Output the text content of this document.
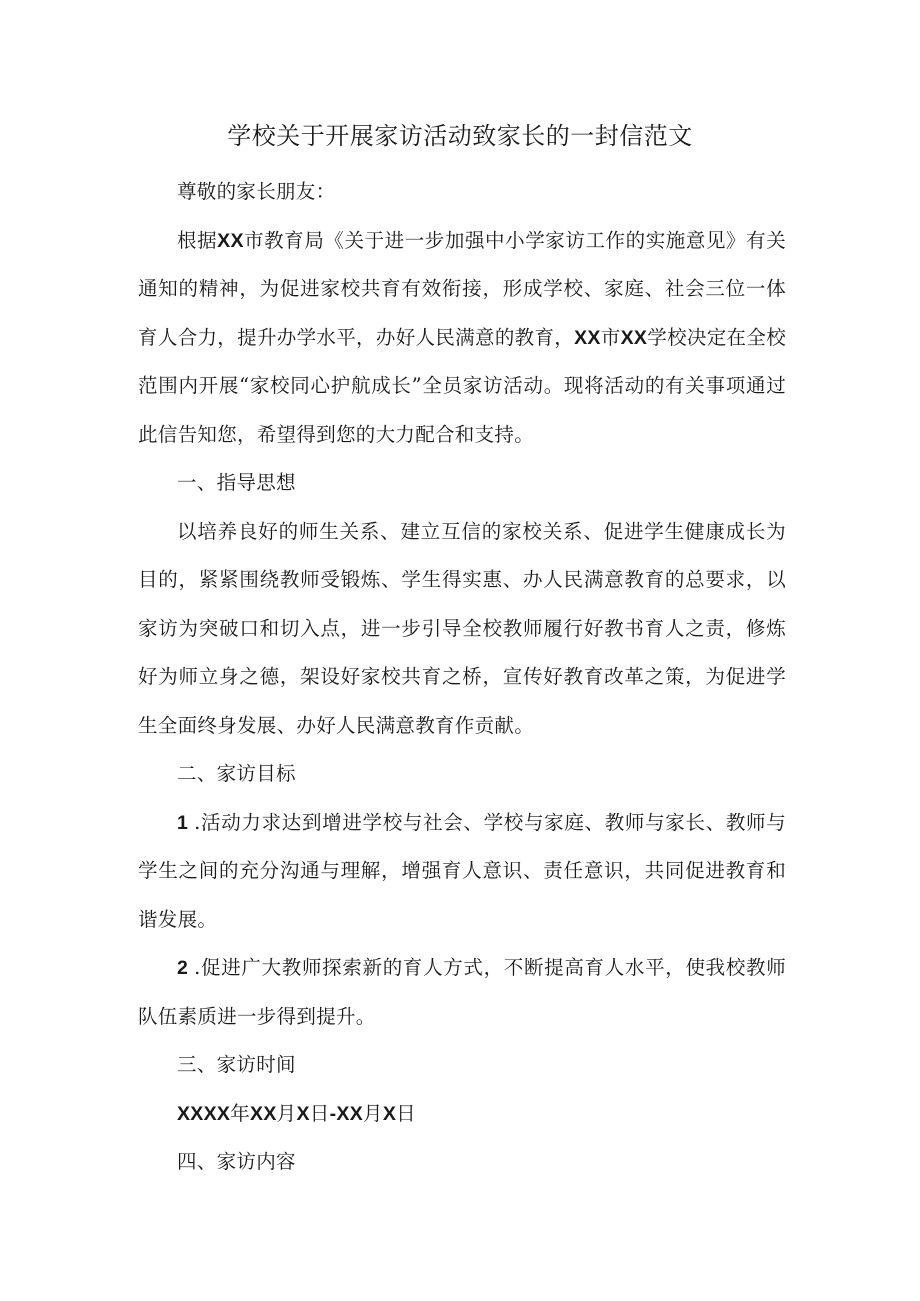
学校关于开展家访活动致家长的一封信范文

尊敬的家长朋友：

根据XX市教育局《关于进一步加强中小学家访工作的实施意见》有关通知的精神，为促进家校共育有效衔接，形成学校、家庭、社会三位一体育人合力，提升办学水平，办好人民满意的教育，XX市XX学校决定在全校范围内开展“家校同心护航成长”全员家访活动。现将活动的有关事项通过此信告知您，希望得到您的大力配合和支持。

一、指导思想

以培养良好的师生关系、建立互信的家校关系、促进学生健康成长为目的，紧紧围绕教师受锻炼、学生得实惠、办人民满意教育的总要求，以家访为突破口和切入点，进一步引导全校教师履行好教书育人之责，修炼好为师立身之德，架设好家校共育之桥，宣传好教育改革之策，为促进学生全面终身发展、办好人民满意教育作贡献。

二、家访目标

1 .活动力求达到增进学校与社会、学校与家庭、教师与家长、教师与学生之间的充分沟通与理解，增强育人意识、责任意识，共同促进教育和谐发展。

2 .促进广大教师探索新的育人方式，不断提高育人水平，使我校教师队伍素质进一步得到提升。

三、家访时间

XXXX年XX月X日-XX月X日

四、家访内容
